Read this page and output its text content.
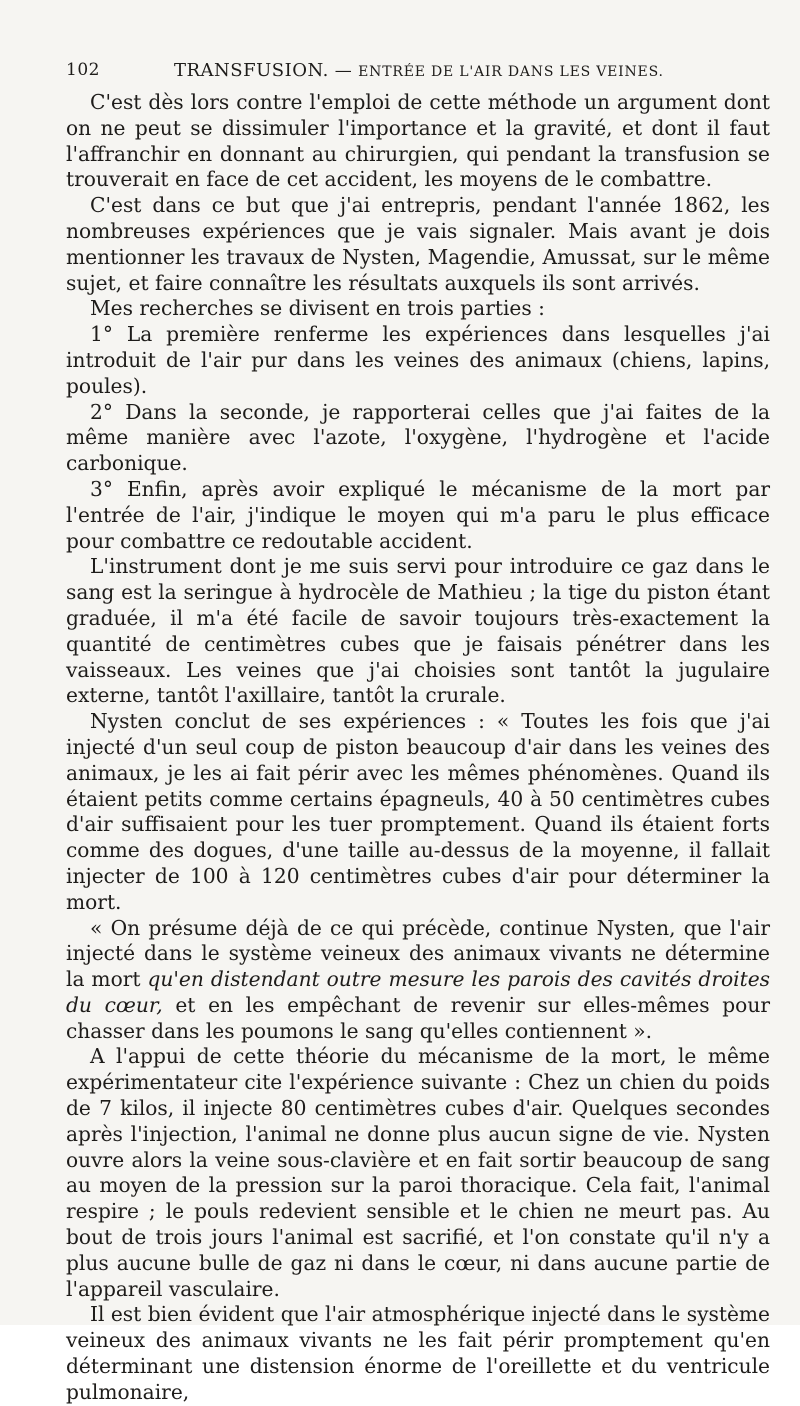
102	TRANSFUSION. — ENTRÉE DE L'AIR DANS LES VEINES.

C'est dès lors contre l'emploi de cette méthode un argument dont on ne peut se dissimuler l'importance et la gravité, et dont il faut l'affranchir en donnant au chirurgien, qui pendant la transfusion se trouverait en face de cet accident, les moyens de le combattre.

C'est dans ce but que j'ai entrepris, pendant l'année 1862, les nombreuses expériences que je vais signaler. Mais avant je dois mentionner les travaux de Nysten, Magendie, Amussat, sur le même sujet, et faire connaître les résultats auxquels ils sont arrivés.

Mes recherches se divisent en trois parties :

1° La première renferme les expériences dans lesquelles j'ai introduit de l'air pur dans les veines des animaux (chiens, lapins, poules).

2° Dans la seconde, je rapporterai celles que j'ai faites de la même manière avec l'azote, l'oxygène, l'hydrogène et l'acide carbonique.

3° Enfin, après avoir expliqué le mécanisme de la mort par l'entrée de l'air, j'indique le moyen qui m'a paru le plus efficace pour combattre ce redoutable accident.

L'instrument dont je me suis servi pour introduire ce gaz dans le sang est la seringue à hydrocèle de Mathieu ; la tige du piston étant graduée, il m'a été facile de savoir toujours très-exactement la quantité de centimètres cubes que je faisais pénétrer dans les vaisseaux. Les veines que j'ai choisies sont tantôt la jugulaire externe, tantôt l'axillaire, tantôt la crurale.

Nysten conclut de ses expériences : « Toutes les fois que j'ai injecté d'un seul coup de piston beaucoup d'air dans les veines des animaux, je les ai fait périr avec les mêmes phénomènes. Quand ils étaient petits comme certains épagneuls, 40 à 50 centimètres cubes d'air suffisaient pour les tuer promptement. Quand ils étaient forts comme des dogues, d'une taille au-dessus de la moyenne, il fallait injecter de 100 à 120 centimètres cubes d'air pour déterminer la mort.

« On présume déjà de ce qui précède, continue Nysten, que l'air injecté dans le système veineux des animaux vivants ne détermine la mort qu'en distendant outre mesure les parois des cavités droites du cœur, et en les empêchant de revenir sur elles-mêmes pour chasser dans les poumons le sang qu'elles contiennent ».

A l'appui de cette théorie du mécanisme de la mort, le même expérimentateur cite l'expérience suivante : Chez un chien du poids de 7 kilos, il injecte 80 centimètres cubes d'air. Quelques secondes après l'injection, l'animal ne donne plus aucun signe de vie. Nysten ouvre alors la veine sous-clavière et en fait sortir beaucoup de sang au moyen de la pression sur la paroi thoracique. Cela fait, l'animal respire ; le pouls redevient sensible et le chien ne meurt pas. Au bout de trois jours l'animal est sacrifié, et l'on constate qu'il n'y a plus aucune bulle de gaz ni dans le cœur, ni dans aucune partie de l'appareil vasculaire.

Il est bien évident que l'air atmosphérique injecté dans le système veineux des animaux vivants ne les fait périr promptement qu'en déterminant une distension énorme de l'oreillette et du ventricule pulmonaire,
